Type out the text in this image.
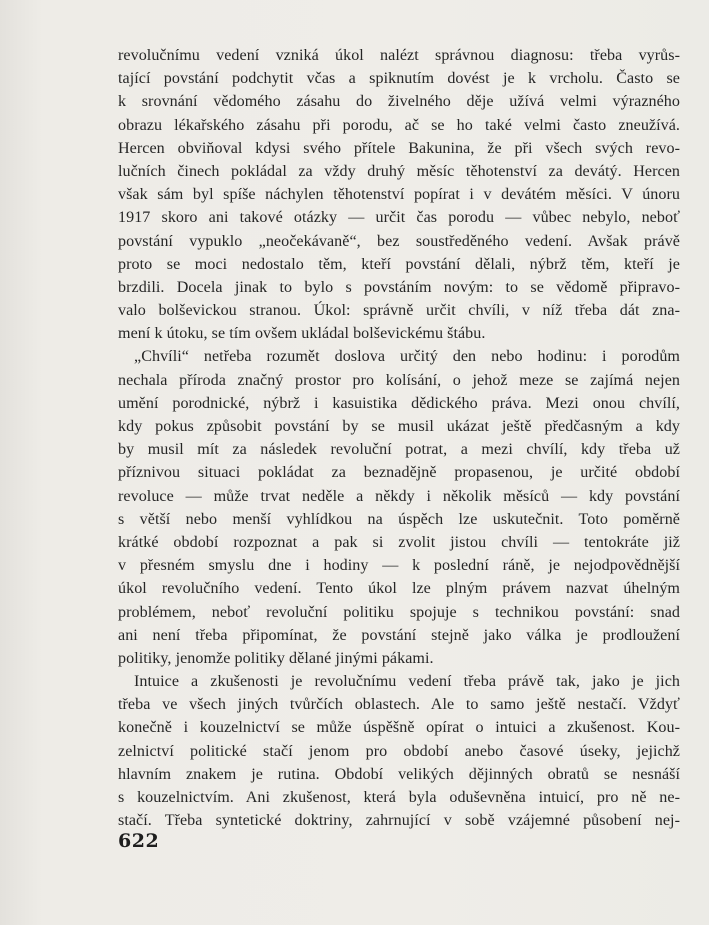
revolučnímu vedení vzniká úkol nalézt správnou diagnosu: třeba vyrůs-
tající povstání podchytit včas a spiknutím dovést je k vrcholu. Často se
k srovnání vědomého zásahu do živelného děje užívá velmi výrazného
obrazu lékařského zásahu při porodu, ač se ho také velmi často zneužívá.
Hercen obviňoval kdysi svého přítele Bakunina, že při všech svých revo-
lučních činech pokládal za vždy druhý měsíc těhotenství za devátý. Hercen
však sám byl spíše náchylen těhotenství popírat i v devátém měsíci. V únoru
1917 skoro ani takové otázky — určit čas porodu — vůbec nebylo, neboť
povstání vypuklo „neočekávaně“, bez soustředěného vedení. Avšak právě
proto se moci nedostalo těm, kteří povstání dělali, nýbrž těm, kteří je
brzdili. Docela jinak to bylo s povstáním novým: to se vědomě připravo-
valo bolševickou stranou. Úkol: správně určit chvíli, v níž třeba dát zna-
mení k útoku, se tím ovšem ukládal bolševickému štábu.
„Chvíli“ netřeba rozumět doslova určitý den nebo hodinu: i porodům
nechala příroda značný prostor pro kolísání, o jehož meze se zajímá nejen
umění porodnické, nýbrž i kasuistika dědického práva. Mezi onou chvílí,
kdy pokus způsobit povstání by se musil ukázat ještě předčasným a kdy
by musil mít za následek revoluční potrat, a mezi chvílí, kdy třeba už
příznivou situaci pokládat za beznadějně propasenou, je určité období
revoluce — může trvat neděle a někdy i několik měsíců — kdy povstání
s větší nebo menší vyhlídkou na úspěch lze uskutečnit. Toto poměrně
krátké období rozpoznat a pak si zvolit jistou chvíli — tentokráte již
v přesném smyslu dne i hodiny — k poslední ráně, je nejodpovědnější
úkol revolučního vedení. Tento úkol lze plným právem nazvat úhelným
problémem, neboť revoluční politiku spojuje s technikou povstání: snad
ani není třeba připomínat, že povstání stejně jako válka je prodloužení
politiky, jenomže politiky dělané jinými pákami.
Intuice a zkušenosti je revolučnímu vedení třeba právě tak, jako je jich
třeba ve všech jiných tvůrčích oblastech. Ale to samo ještě nestačí. Vždyť
konečně i kouzelnictví se může úspěšně opírat o intuici a zkušenost. Kou-
zelnictví politické stačí jenom pro období anebo časové úseky, jejichž
hlavním znakem je rutina. Období velikých dějinných obratů se nesnáší
s kouzelnictvím. Ani zkušenost, která byla oduševněna intuicí, pro ně ne-
stačí. Třeba syntetické doktriny, zahrnující v sobě vzájemné působení nej-
622
